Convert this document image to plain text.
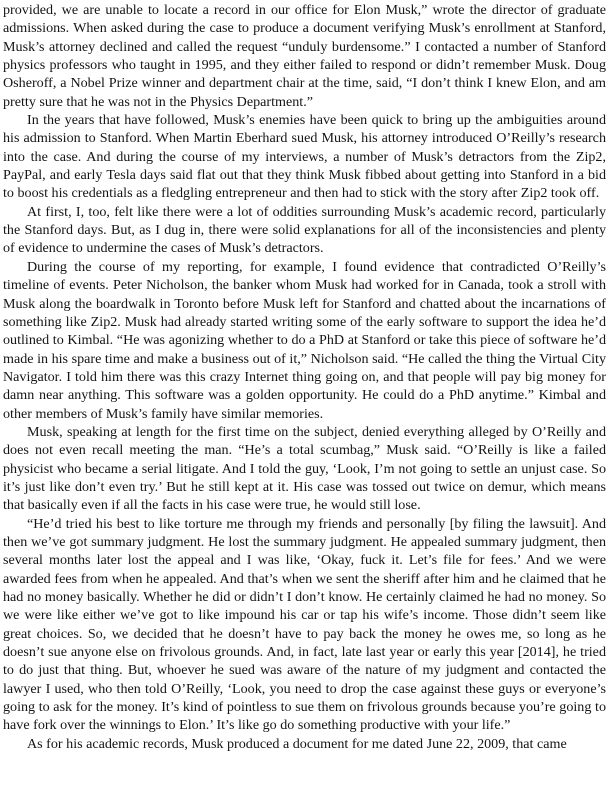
provided, we are unable to locate a record in our office for Elon Musk,” wrote the director of graduate admissions. When asked during the case to produce a document verifying Musk’s enrollment at Stanford, Musk’s attorney declined and called the request “unduly burdensome.” I contacted a number of Stanford physics professors who taught in 1995, and they either failed to respond or didn’t remember Musk. Doug Osheroff, a Nobel Prize winner and department chair at the time, said, “I don’t think I knew Elon, and am pretty sure that he was not in the Physics Department.”

In the years that have followed, Musk’s enemies have been quick to bring up the ambiguities around his admission to Stanford. When Martin Eberhard sued Musk, his attorney introduced O’Reilly’s research into the case. And during the course of my interviews, a number of Musk’s detractors from the Zip2, PayPal, and early Tesla days said flat out that they think Musk fibbed about getting into Stanford in a bid to boost his credentials as a fledgling entrepreneur and then had to stick with the story after Zip2 took off.

At first, I, too, felt like there were a lot of oddities surrounding Musk’s academic record, particularly the Stanford days. But, as I dug in, there were solid explanations for all of the inconsistencies and plenty of evidence to undermine the cases of Musk’s detractors.

During the course of my reporting, for example, I found evidence that contradicted O’Reilly’s timeline of events. Peter Nicholson, the banker whom Musk had worked for in Canada, took a stroll with Musk along the boardwalk in Toronto before Musk left for Stanford and chatted about the incarnations of something like Zip2. Musk had already started writing some of the early software to support the idea he’d outlined to Kimbal. “He was agonizing whether to do a PhD at Stanford or take this piece of software he’d made in his spare time and make a business out of it,” Nicholson said. “He called the thing the Virtual City Navigator. I told him there was this crazy Internet thing going on, and that people will pay big money for damn near anything. This software was a golden opportunity. He could do a PhD anytime.” Kimbal and other members of Musk’s family have similar memories.

Musk, speaking at length for the first time on the subject, denied everything alleged by O’Reilly and does not even recall meeting the man. “He’s a total scumbag,” Musk said. “O’Reilly is like a failed physicist who became a serial litigate. And I told the guy, ‘Look, I’m not going to settle an unjust case. So it’s just like don’t even try.’ But he still kept at it. His case was tossed out twice on demur, which means that basically even if all the facts in his case were true, he would still lose.

“He’d tried his best to like torture me through my friends and personally [by filing the lawsuit]. And then we’ve got summary judgment. He lost the summary judgment. He appealed summary judgment, then several months later lost the appeal and I was like, ‘Okay, fuck it. Let’s file for fees.’ And we were awarded fees from when he appealed. And that’s when we sent the sheriff after him and he claimed that he had no money basically. Whether he did or didn’t I don’t know. He certainly claimed he had no money. So we were like either we’ve got to like impound his car or tap his wife’s income. Those didn’t seem like great choices. So, we decided that he doesn’t have to pay back the money he owes me, so long as he doesn’t sue anyone else on frivolous grounds. And, in fact, late last year or early this year [2014], he tried to do just that thing. But, whoever he sued was aware of the nature of my judgment and contacted the lawyer I used, who then told O’Reilly, ‘Look, you need to drop the case against these guys or everyone’s going to ask for the money. It’s kind of pointless to sue them on frivolous grounds because you’re going to have fork over the winnings to Elon.’ It’s like go do something productive with your life.”

As for his academic records, Musk produced a document for me dated June 22, 2009, that came
